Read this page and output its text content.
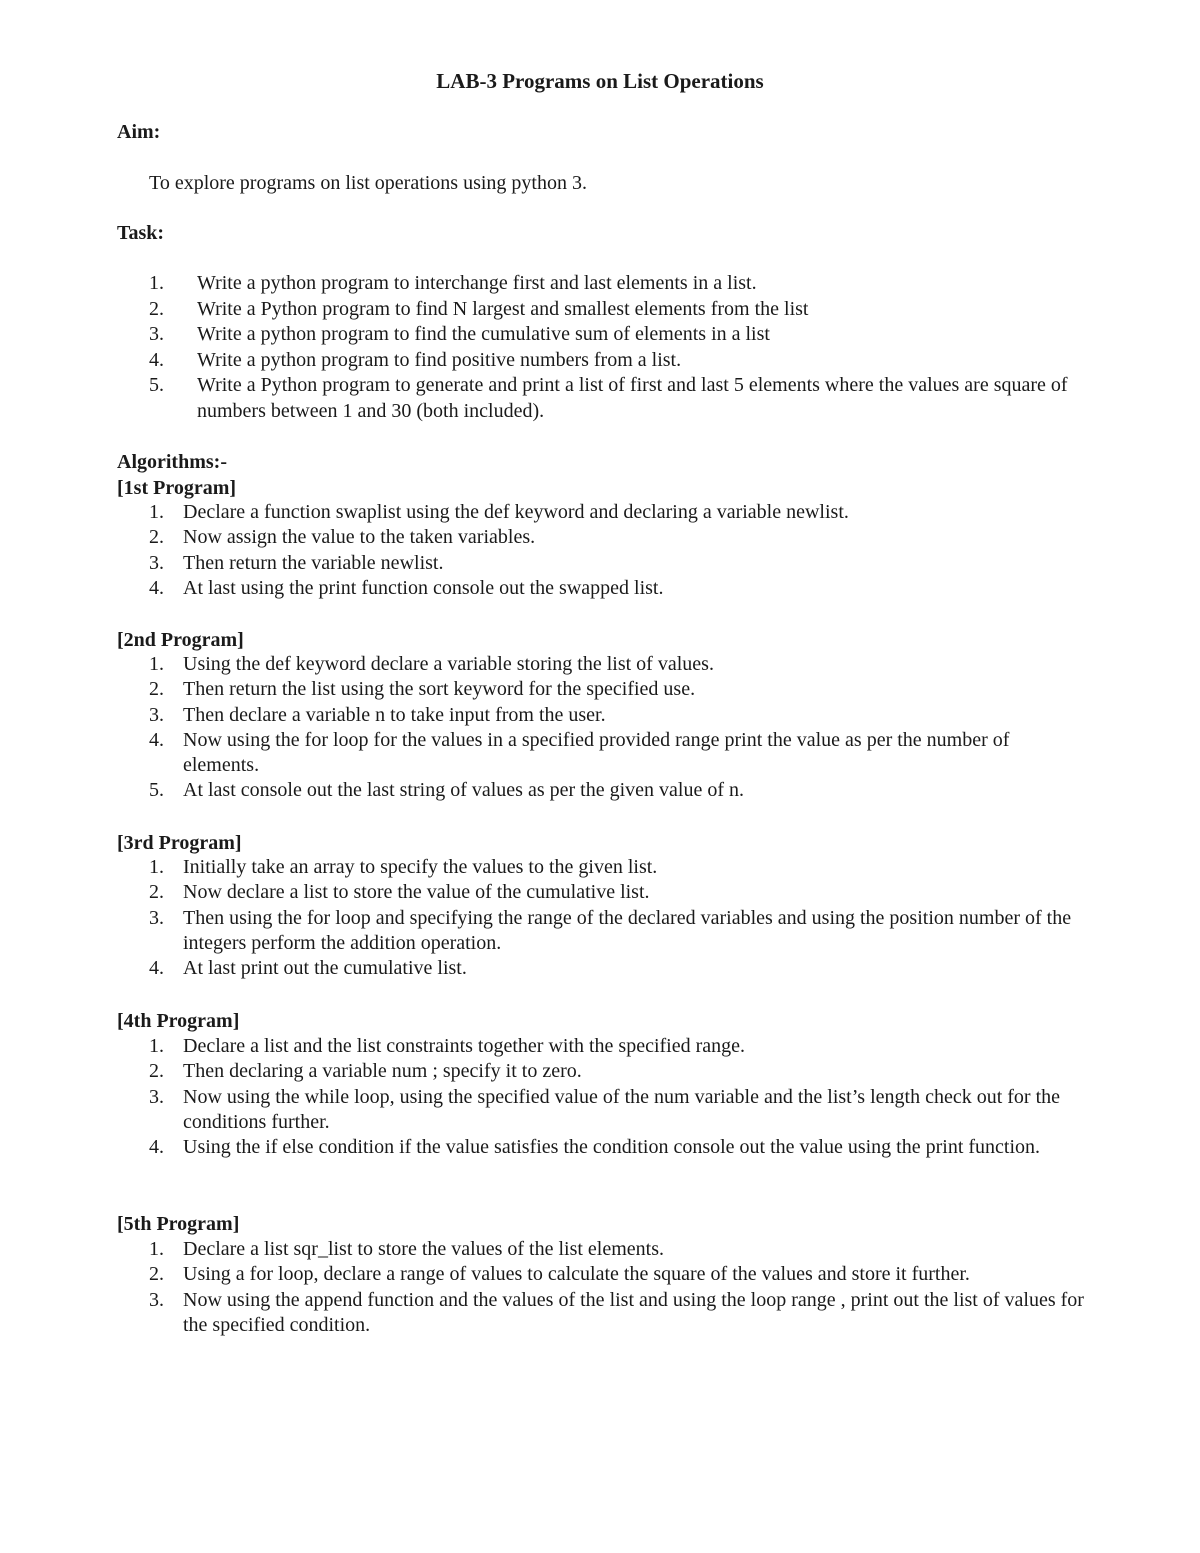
LAB-3 Programs on List Operations
Aim:
To explore programs on list operations using python 3.
Task:
1.	Write a python program to interchange first and last elements in a list.
2.	Write a Python program to find N largest and smallest elements from the list
3.	Write a python program to find the cumulative sum of elements in a list
4.	Write a python program to find positive numbers from a list.
5.	Write a Python program to generate and print a list of first and last 5 elements where the values are square of numbers between 1 and 30 (both included).
Algorithms:-
[1st Program]
1. Declare a function swaplist using the def keyword and declaring a variable newlist.
2. Now assign the value to the taken variables.
3. Then return the variable newlist.
4. At last using the print function console out the swapped list.
[2nd Program]
1. Using the def keyword declare a variable storing the list of values.
2. Then return the list using the sort keyword for the specified use.
3. Then declare a variable n to take input from the user.
4. Now using the for loop for the values in a specified provided range print the value as per the number of elements.
5. At last console out the last string of values as per the given value of n.
[3rd Program]
1. Initially take an array to specify the values to the given list.
2. Now declare a list to store the value of the cumulative list.
3. Then using the for loop and specifying the range of the declared variables and using the position number of the integers perform the addition operation.
4. At last print out the cumulative list.
[4th Program]
1. Declare a list and the list constraints together with the specified range.
2. Then declaring a variable num ; specify it to zero.
3. Now using the while loop, using the specified value of the num variable and the list’s length check out for the conditions further.
4. Using the if else condition if the value satisfies the condition console out the value using the print function.
[5th Program]
1. Declare a list sqr_list to store the values of the list elements.
2. Using a for loop, declare a range of values to calculate the square of the values and store it further.
3. Now using the append function and the values of the list and using the loop range , print out the list of values for the specified condition.
